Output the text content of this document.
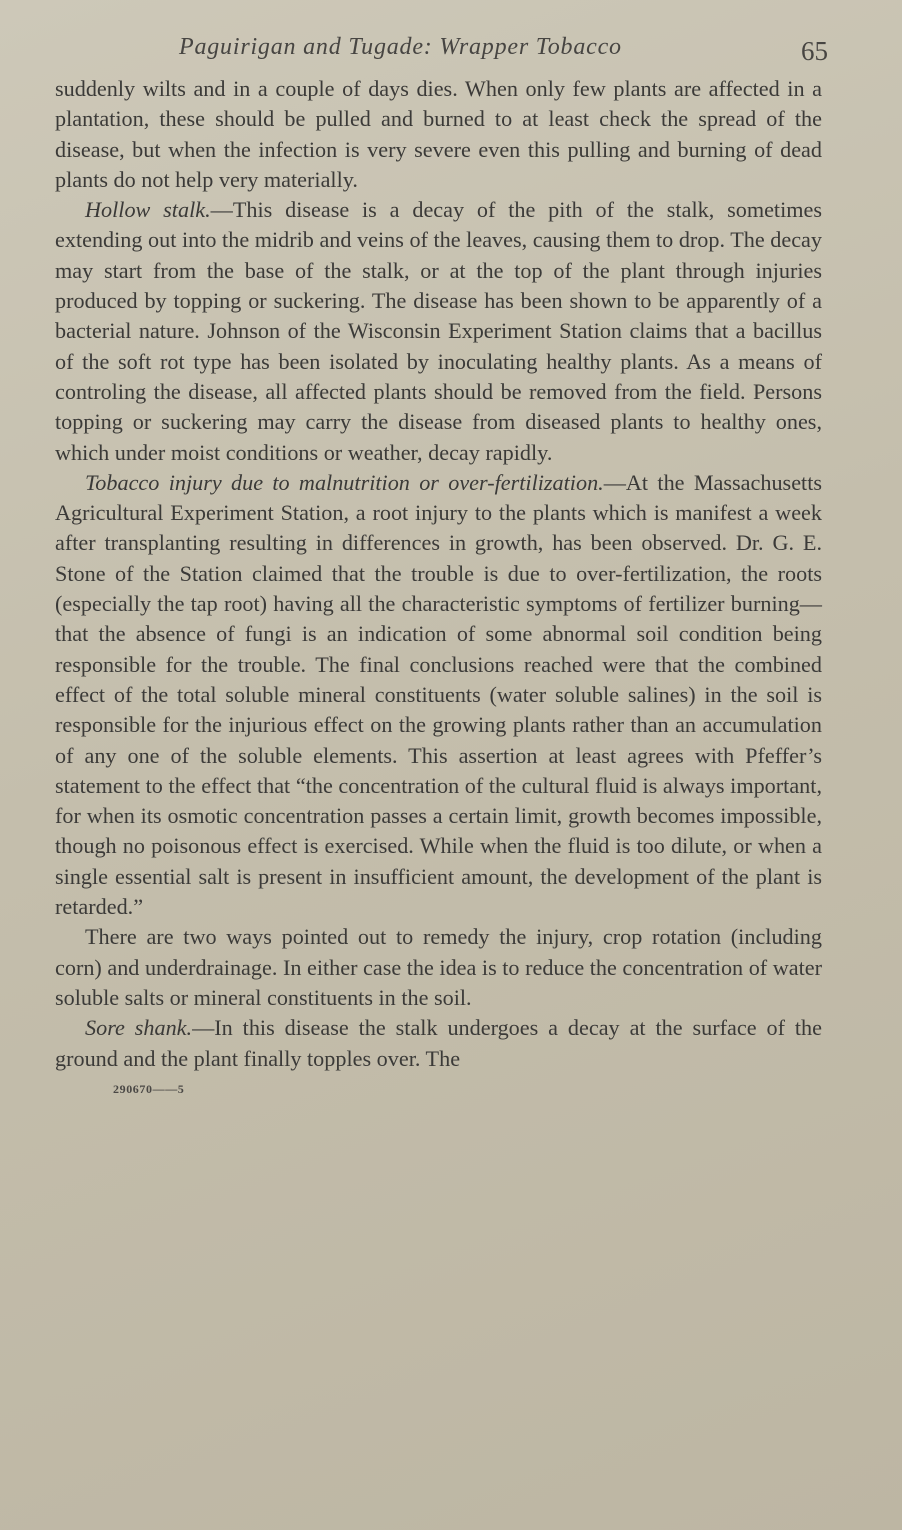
Paguirigan and Tugade: Wrapper Tobacco	65

suddenly wilts and in a couple of days dies. When only few plants are affected in a plantation, these should be pulled and burned to at least check the spread of the disease, but when the infection is very severe even this pulling and burning of dead plants do not help very materially.

Hollow stalk.—This disease is a decay of the pith of the stalk, sometimes extending out into the midrib and veins of the leaves, causing them to drop. The decay may start from the base of the stalk, or at the top of the plant through injuries produced by topping or suckering. The disease has been shown to be apparently of a bacterial nature. Johnson of the Wisconsin Experiment Station claims that a bacillus of the soft rot type has been isolated by inoculating healthy plants. As a means of controling the disease, all affected plants should be removed from the field. Persons topping or suckering may carry the disease from diseased plants to healthy ones, which under moist conditions or weather, decay rapidly.

Tobacco injury due to malnutrition or over-fertilization.—At the Massachusetts Agricultural Experiment Station, a root injury to the plants which is manifest a week after transplanting resulting in differences in growth, has been observed. Dr. G. E. Stone of the Station claimed that the trouble is due to over-fertilization, the roots (especially the tap root) having all the characteristic symptoms of fertilizer burning—that the absence of fungi is an indication of some abnormal soil condition being responsible for the trouble. The final conclusions reached were that the combined effect of the total soluble mineral constituents (water soluble salines) in the soil is responsible for the injurious effect on the growing plants rather than an accumulation of any one of the soluble elements. This assertion at least agrees with Pfeffer’s statement to the effect that “the concentration of the cultural fluid is always important, for when its osmotic concentration passes a certain limit, growth becomes impossible, though no poisonous effect is exercised. While when the fluid is too dilute, or when a single essential salt is present in insufficient amount, the development of the plant is retarded.”

There are two ways pointed out to remedy the injury, crop rotation (including corn) and underdrainage. In either case the idea is to reduce the concentration of water soluble salts or mineral constituents in the soil.

Sore shank.—In this disease the stalk undergoes a decay at the surface of the ground and the plant finally topples over. The

290670——5
